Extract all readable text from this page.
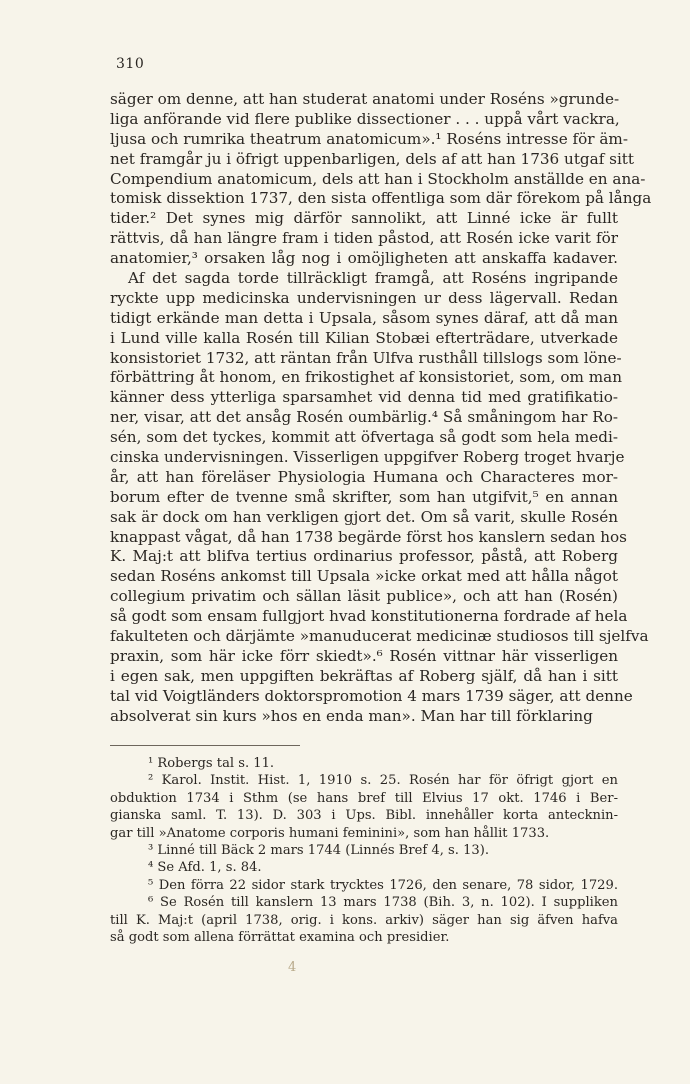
310
säger om denne, att han studerat anatomi under Roséns »grunde-
liga anförande vid flere publike dissectioner . . . uppå vårt vackra,
ljusa och rumrika theatrum anatomicum».¹ Roséns intresse för äm-
net framgår ju i öfrigt uppenbarligen, dels af att han 1736 utgaf sitt
Compendium anatomicum, dels att han i Stockholm anställde en ana-
tomisk dissektion 1737, den sista offentliga som där förekom på långa
tider.² Det synes mig därför sannolikt, att Linné icke är fullt
rättvis, då han längre fram i tiden påstod, att Rosén icke varit för
anatomier,³ orsaken låg nog i omöjligheten att anskaffa kadaver.
Af det sagda torde tillräckligt framgå, att Roséns ingripande
ryckte upp medicinska undervisningen ur dess lägervall. Redan
tidigt erkände man detta i Upsala, såsom synes däraf, att då man
i Lund ville kalla Rosén till Kilian Stobæi efterträdare, utverkade
konsistoriet 1732, att räntan från Ulfva rusthåll tillslogs som löne-
förbättring åt honom, en frikostighet af konsistoriet, som, om man
känner dess ytterliga sparsamhet vid denna tid med gratifikatio-
ner, visar, att det ansåg Rosén oumbärlig.⁴ Så småningom har Ro-
sén, som det tyckes, kommit att öfvertaga så godt som hela medi-
cinska undervisningen. Visserligen uppgifver Roberg troget hvarje
år, att han föreläser Physiologia Humana och Characteres mor-
borum efter de tvenne små skrifter, som han utgifvit,⁵ en annan
sak är dock om han verkligen gjort det. Om så varit, skulle Rosén
knappast vågat, då han 1738 begärde först hos kanslern sedan hos
K. Maj:t att blifva tertius ordinarius professor, påstå, att Roberg
sedan Roséns ankomst till Upsala »icke orkat med att hålla något
collegium privatim och sällan läsit publice», och att han (Rosén)
så godt som ensam fullgjort hvad konstitutionerna fordrade af hela
fakulteten och därjämte »manuducerat medicinæ studiosos till sjelfva
praxin, som här icke förr skiedt».⁶ Rosén vittnar här visserligen
i egen sak, men uppgiften bekräftas af Roberg själf, då han i sitt
tal vid Voigtländers doktorspromotion 4 mars 1739 säger, att denne
absolverat sin kurs »hos en enda man». Man har till förklaring
¹ Robergs tal s. 11.
² Karol. Instit. Hist. 1, 1910 s. 25. Rosén har för öfrigt gjort en
obduktion 1734 i Sthm (se hans bref till Elvius 17 okt. 1746 i Ber-
gianska saml. T. 13). D. 303 i Ups. Bibl. innehåller korta antecknin-
gar till »Anatome corporis humani feminini», som han hållit 1733.
³ Linné till Bäck 2 mars 1744 (Linnés Bref 4, s. 13).
⁴ Se Afd. 1, s. 84.
⁵ Den förra 22 sidor stark trycktes 1726, den senare, 78 sidor, 1729.
⁶ Se Rosén till kanslern 13 mars 1738 (Bih. 3, n. 102). I suppliken
till K. Maj:t (april 1738, orig. i kons. arkiv) säger han sig äfven hafva
så godt som allena förrättat examina och presidier.
4
